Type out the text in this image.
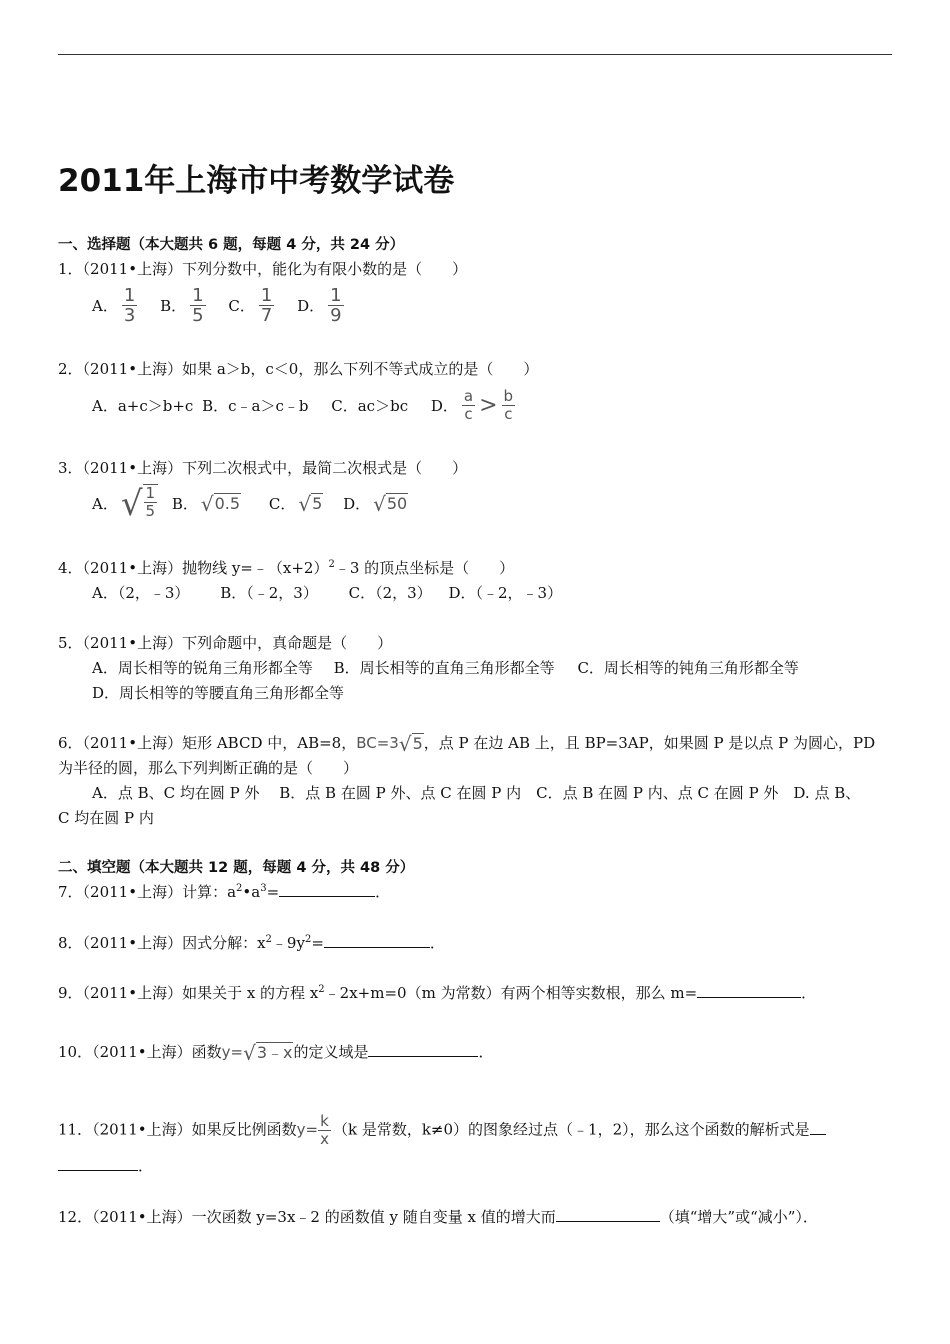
2011年上海市中考数学试卷
一、选择题（本大题共 6 题，每题 4 分，共 24 分）
1．（2011•上海）下列分数中，能化为有限小数的是（　　）
A． $\frac{1}{3}$
B． $\frac{1}{5}$
C． $\frac{1}{7}$
D． $\frac{1}{9}$
2．（2011•上海）如果 a＞b，c＜0，那么下列不等式成立的是（　　）
A．a+c＞b+c B．c﹣a＞c﹣b C．ac＞bc D． $\frac{a}{c} > \frac{b}{c}$
3．（2011•上海）下列二次根式中，最简二次根式是（　　）
A． √ $\frac{1}{5}$
B． √ 0.5
C． √ 5
D． √ 50
4．（2011•上海）抛物线 $y=﹣(x+2)^2﹣3$ 的顶点坐标是（　　）
A．（2，﹣3） B．（﹣2，3） C．（2，3） D．（﹣2，﹣3）
5．（2011•上海）下列命题中，真命题是（　　）
A．周长相等的锐角三角形都全等 B．周长相等的直角三角形都全等 C．周长相等的钝角三角形都全等
D．周长相等的等腰直角三角形都全等
6．（2011•上海）矩形 ABCD 中，AB=8，BC=3 √ 5 ，点 P 在边 AB 上，且 BP=3AP，如果圆 P 是以点 P 为圆心，PD
为半径的圆，那么下列判断正确的是（　　）
A．点 B、C 均在圆 P 外　 B．点 B 在圆 P 外、点 C 在圆 P 内　C．点 B 在圆 P 内、点 C 在圆 P 外　D. 点 B、
C 均在圆 P 内
二、填空题（本大题共 12 题，每题 4 分，共 48 分）
7．（2011•上海）计算：$a^2•a^3=$	．
8．（2011•上海）因式分解：$x^2﹣9y^2=$	．
9．（2011•上海）如果关于 x 的方程 $x^2﹣2x+m=0(m$ 为常数）有两个相等实数根，那么 m=	．
10．（2011•上海）函数y= √ 3﹣x 的定义域是	．
11．（2011•上海）如果反比例函数$y= \frac{k}{x} (k$ 是常数，k≠0）的图象经过点（﹣1，2），那么这个函数的解析式是
．
12．（2011•上海）一次函数 y=3x﹣2 的函数值 y 随自变量 x 值的增大而	（填“增大”或“减小”）．
